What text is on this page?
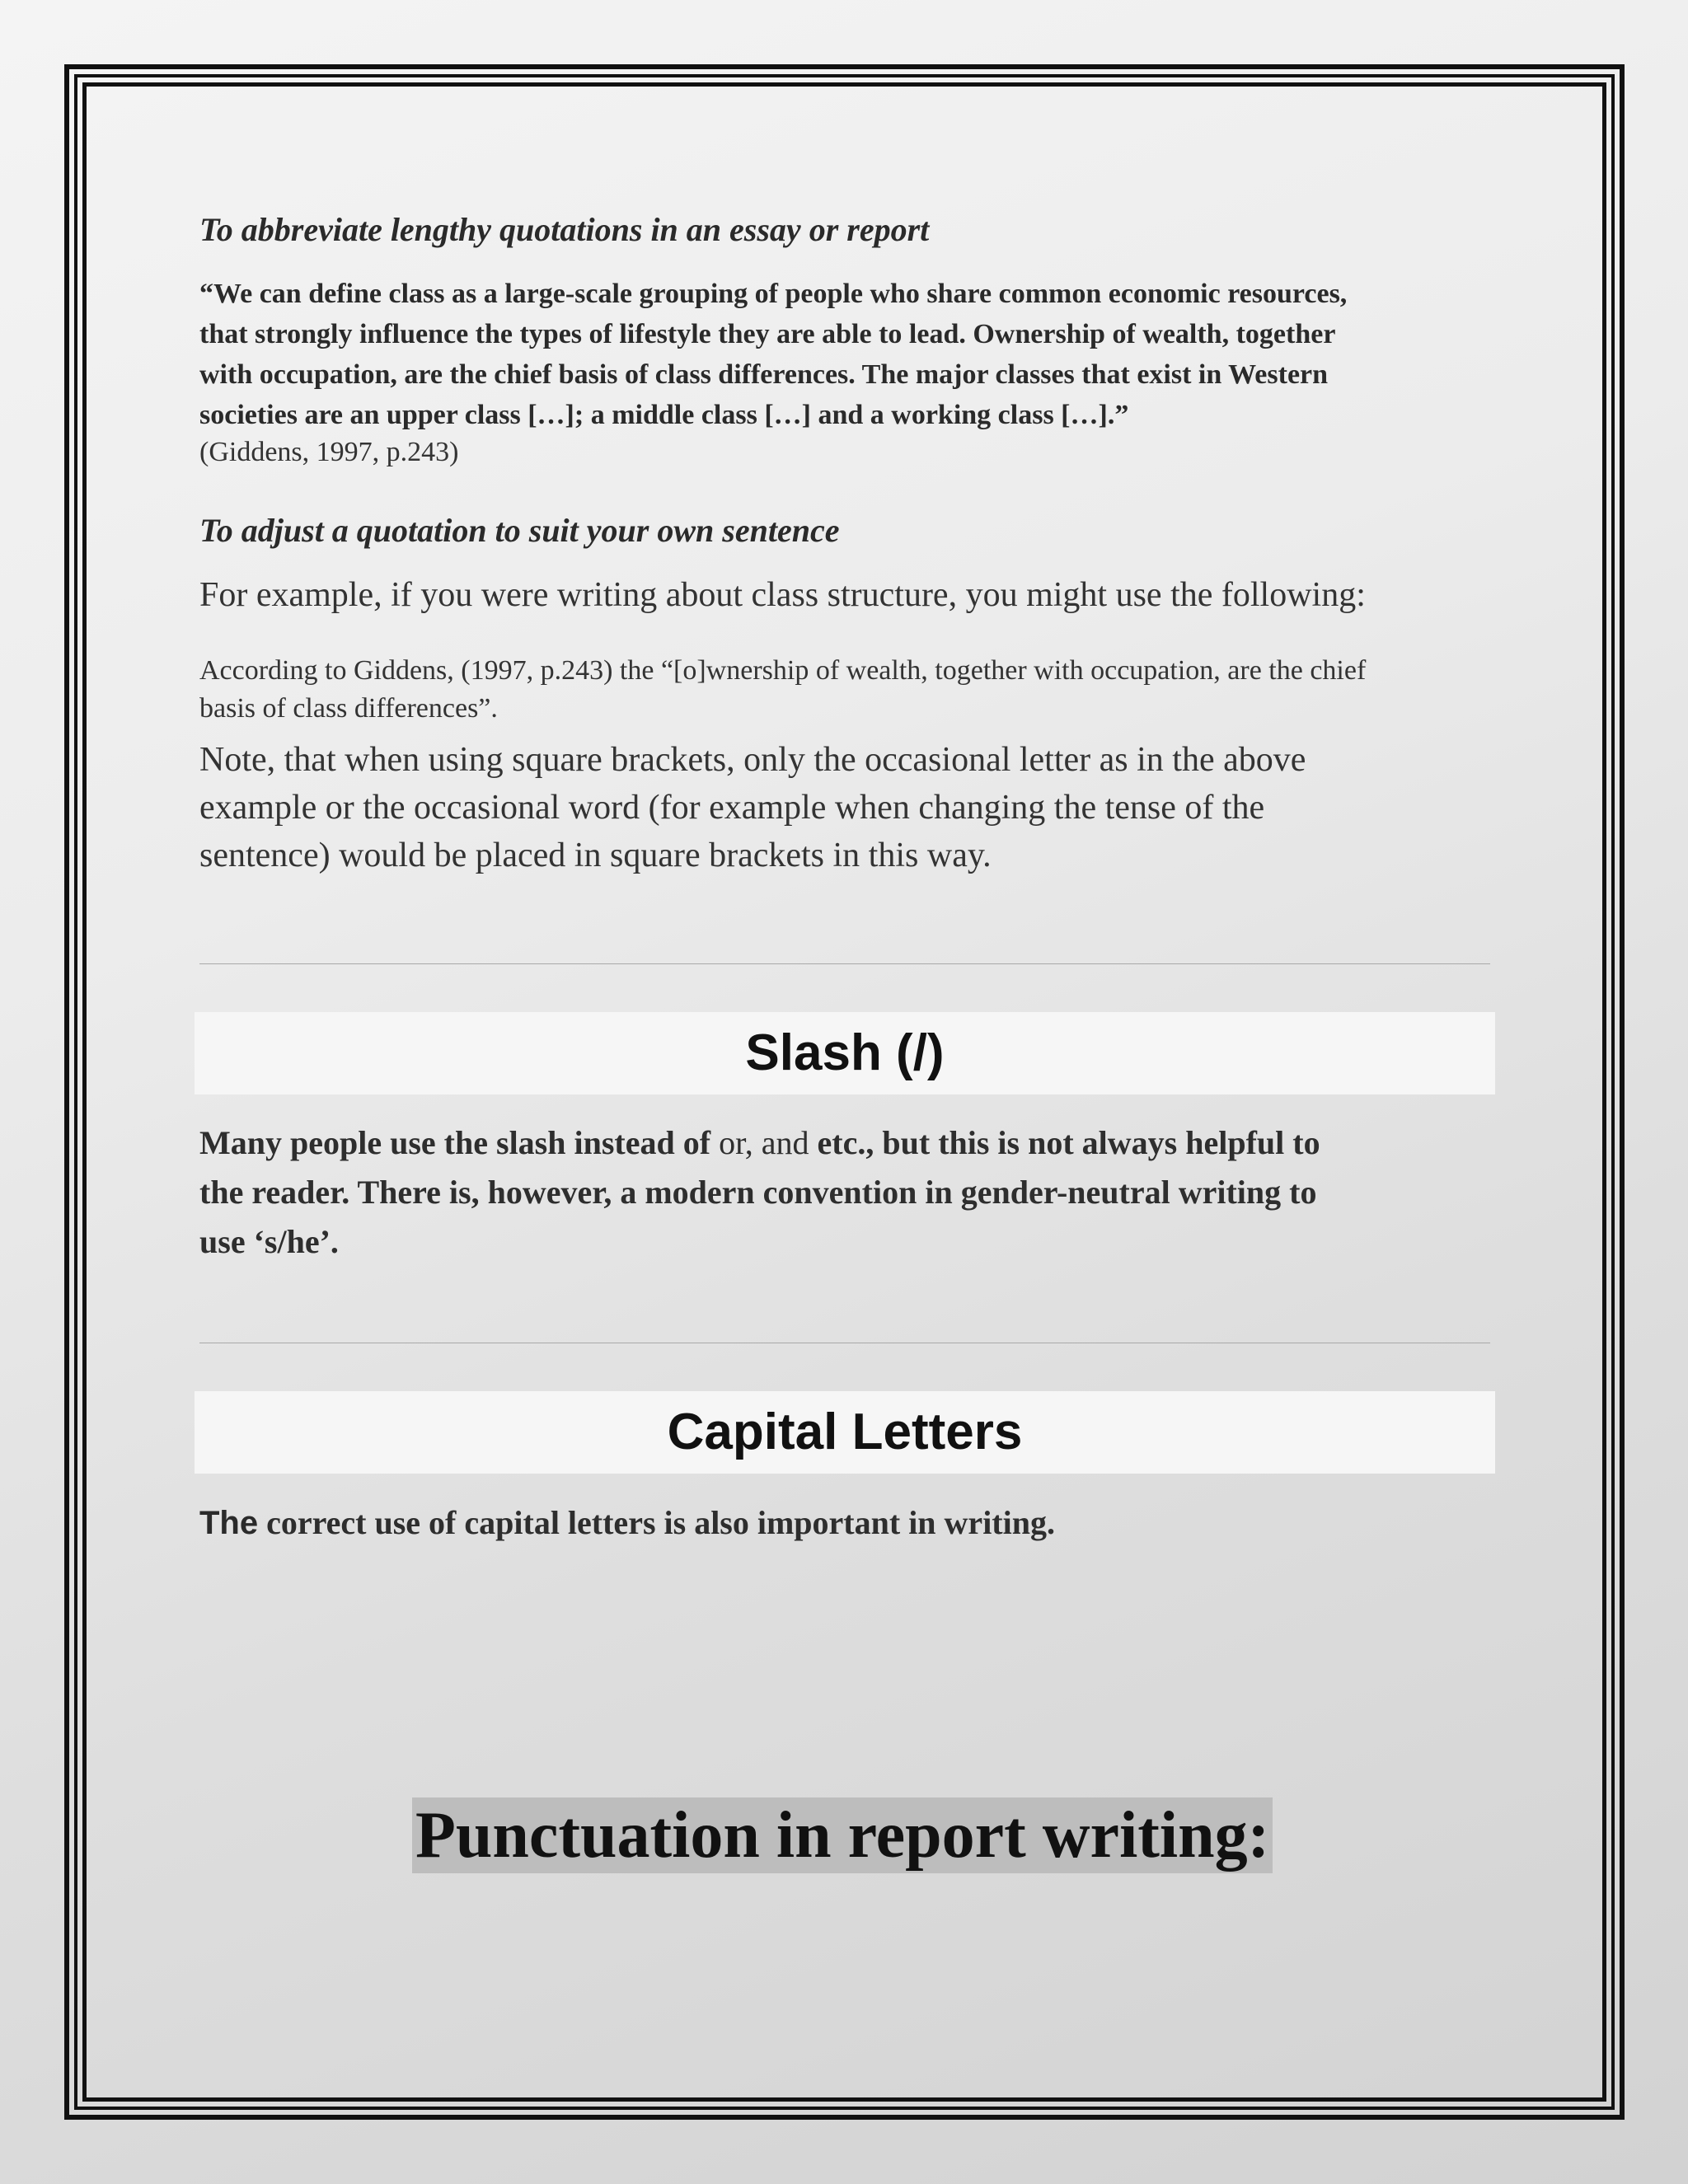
To abbreviate lengthy quotations in an essay or report

“We can define class as a large-scale grouping of people who share common economic resources,
that strongly influence the types of lifestyle they are able to lead. Ownership of wealth, together
with occupation, are the chief basis of class differences. The major classes that exist in Western
societies are an upper class […]; a middle class […] and a working class […].”

(Giddens, 1997, p.243)

To adjust a quotation to suit your own sentence

For example, if you were writing about class structure, you might use the following:

According to Giddens, (1997, p.243) the “[o]wnership of wealth, together with occupation, are the chief
basis of class differences”.
Note, that when using square brackets, only the occasional letter as in the above
example or the occasional word (for example when changing the tense of the
sentence) would be placed in square brackets in this way.
Slash (/)
Many people use the slash instead of or, and etc., but this is not always helpful to
the reader. There is, however, a modern convention in gender-neutral writing to
use ‘s/he’.
Capital Letters
The correct use of capital letters is also important in writing.
Punctuation in report writing:
